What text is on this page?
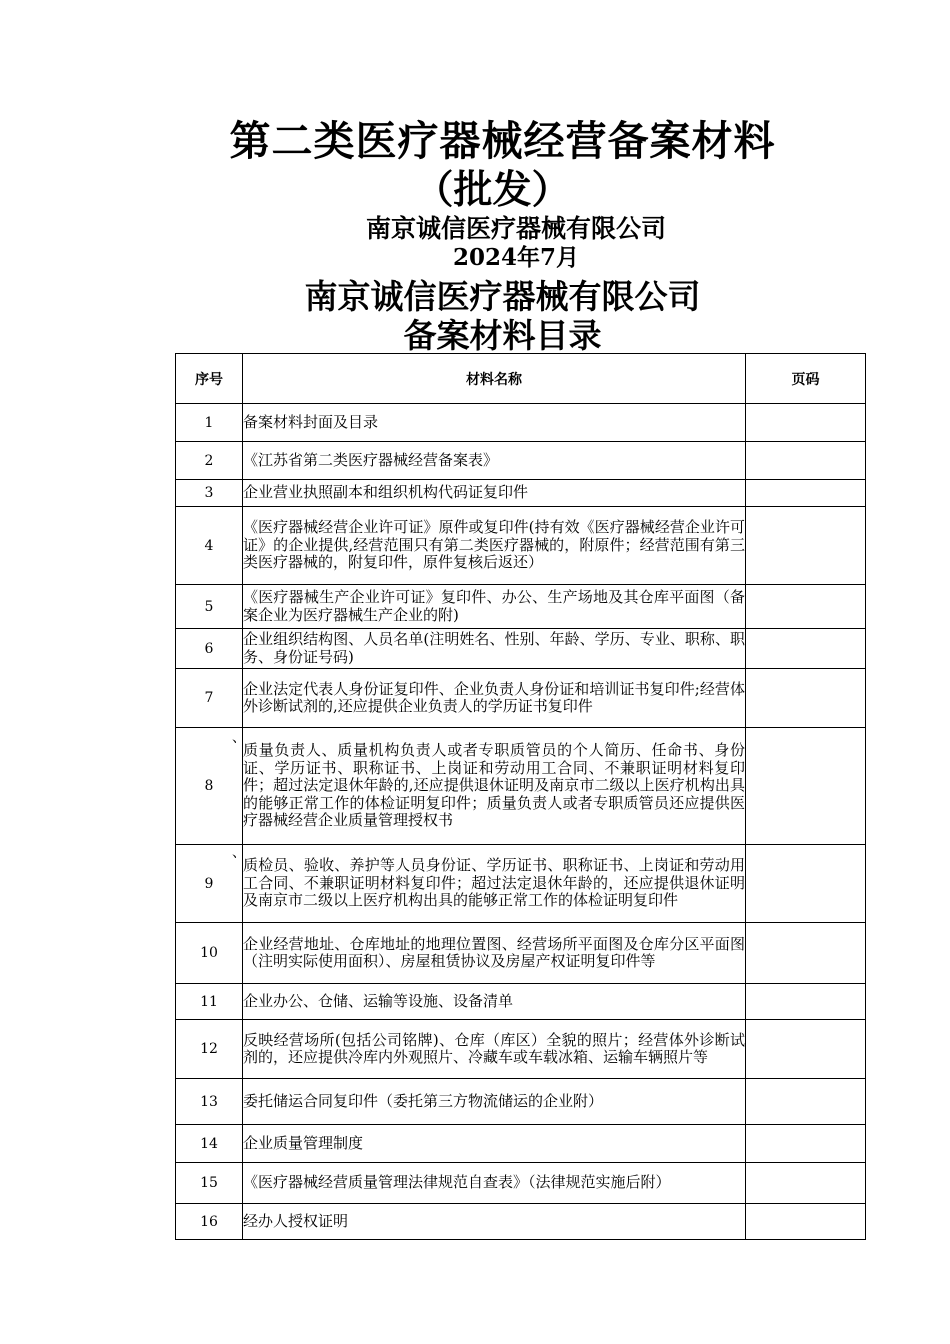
第二类医疗器械经营备案材料
（批发）
南京诚信医疗器械有限公司
2024年7月
南京诚信医疗器械有限公司
备案材料目录
、
、
序号	材料名称	页码
1	备案材料封面及目录	
2	《江苏省第二类医疗器械经营备案表》	
3	企业营业执照副本和组织机构代码证复印件	
4	《医疗器械经营企业许可证》原件或复印件(持有效《医疗器械经营企业许可证》的企业提供,经营范围只有第二类医疗器械的，附原件；经营范围有第三类医疗器械的，附复印件，原件复核后返还）	
5	《医疗器械生产企业许可证》复印件、办公、生产场地及其仓库平面图（备案企业为医疗器械生产企业的附)	
6	企业组织结构图、人员名单(注明姓名、性别、年龄、学历、专业、职称、职务、身份证号码)	
7	企业法定代表人身份证复印件、企业负责人身份证和培训证书复印件;经营体外诊断试剂的,还应提供企业负责人的学历证书复印件	
8	质量负责人、质量机构负责人或者专职质管员的个人简历、任命书、身份证、学历证书、职称证书、上岗证和劳动用工合同、不兼职证明材料复印件；超过法定退休年龄的,还应提供退休证明及南京市二级以上医疗机构出具的能够正常工作的体检证明复印件；质量负责人或者专职质管员还应提供医疗器械经营企业质量管理授权书	
9	质检员、验收、养护等人员身份证、学历证书、职称证书、上岗证和劳动用工合同、不兼职证明材料复印件；超过法定退休年龄的，还应提供退休证明及南京市二级以上医疗机构出具的能够正常工作的体检证明复印件	
10	企业经营地址、仓库地址的地理位置图、经营场所平面图及仓库分区平面图（注明实际使用面积）、房屋租赁协议及房屋产权证明复印件等	
11	企业办公、仓储、运输等设施、设备清单	
12	反映经营场所(包括公司铭牌)、仓库（库区）全貌的照片；经营体外诊断试剂的，还应提供冷库内外观照片、冷藏车或车载冰箱、运输车辆照片等	
13	委托储运合同复印件（委托第三方物流储运的企业附）	
14	企业质量管理制度	
15	《医疗器械经营质量管理法律规范自查表》（法律规范实施后附）	
16	经办人授权证明	
